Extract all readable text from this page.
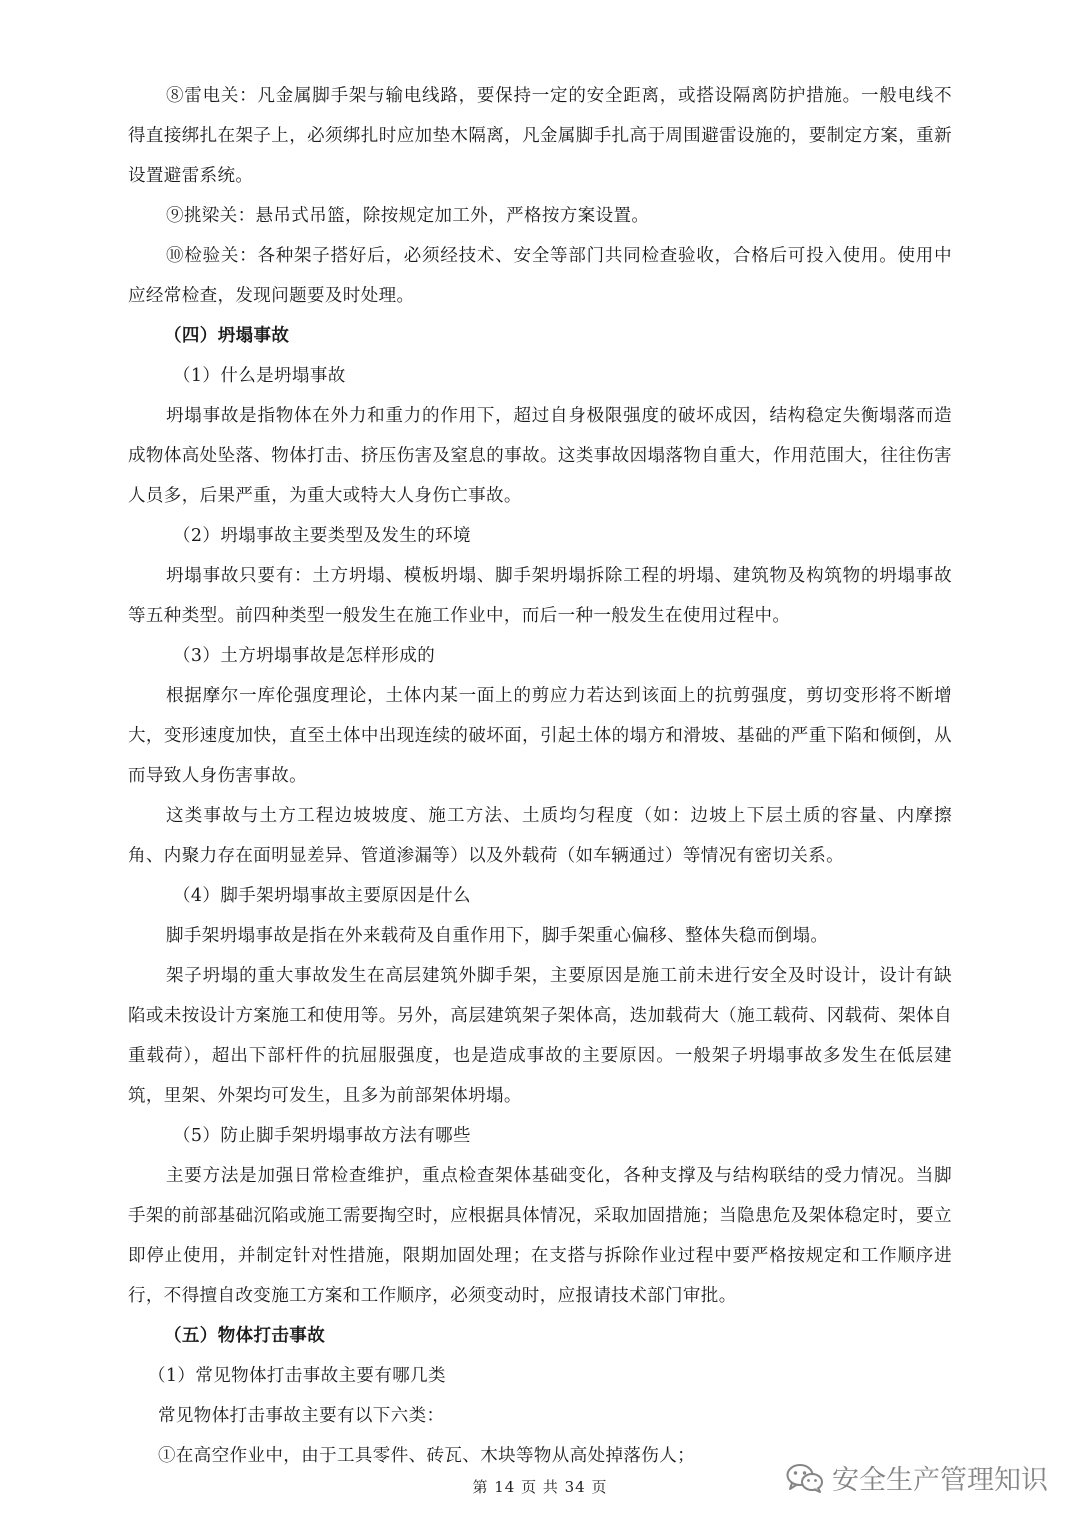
⑧雷电关：凡金属脚手架与输电线路，要保持一定的安全距离，或搭设隔离防护措施。一般电线不得直接绑扎在架子上，必须绑扎时应加垫木隔离，凡金属脚手扎高于周围避雷设施的，要制定方案，重新设置避雷系统。

⑨挑梁关：悬吊式吊篮，除按规定加工外，严格按方案设置。

⑩检验关：各种架子搭好后，必须经技术、安全等部门共同检查验收，合格后可投入使用。使用中应经常检查，发现问题要及时处理。

（四）坍塌事故

（1）什么是坍塌事故

坍塌事故是指物体在外力和重力的作用下，超过自身极限强度的破坏成因，结构稳定失衡塌落而造成物体高处坠落、物体打击、挤压伤害及窒息的事故。这类事故因塌落物自重大，作用范围大，往往伤害人员多，后果严重，为重大或特大人身伤亡事故。

（2）坍塌事故主要类型及发生的环境

坍塌事故只要有：土方坍塌、模板坍塌、脚手架坍塌拆除工程的坍塌、建筑物及构筑物的坍塌事故等五种类型。前四种类型一般发生在施工作业中，而后一种一般发生在使用过程中。

（3）土方坍塌事故是怎样形成的

根据摩尔一库伦强度理论，土体内某一面上的剪应力若达到该面上的抗剪强度，剪切变形将不断增大，变形速度加快，直至土体中出现连续的破坏面，引起土体的塌方和滑坡、基础的严重下陷和倾倒，从而导致人身伤害事故。

这类事故与土方工程边坡坡度、施工方法、土质均匀程度（如：边坡上下层土质的容量、内摩擦角、内聚力存在面明显差异、管道渗漏等）以及外载荷（如车辆通过）等情况有密切关系。

（4）脚手架坍塌事故主要原因是什么

脚手架坍塌事故是指在外来载荷及自重作用下，脚手架重心偏移、整体失稳而倒塌。

架子坍塌的重大事故发生在高层建筑外脚手架，主要原因是施工前未进行安全及时设计，设计有缺陷或未按设计方案施工和使用等。另外，高层建筑架子架体高，迭加载荷大（施工载荷、冈载荷、架体自重载荷），超出下部杆件的抗屈服强度，也是造成事故的主要原因。一般架子坍塌事故多发生在低层建筑，里架、外架均可发生，且多为前部架体坍塌。

（5）防止脚手架坍塌事故方法有哪些

主要方法是加强日常检查维护，重点检查架体基础变化，各种支撑及与结构联结的受力情况。当脚手架的前部基础沉陷或施工需要掏空时，应根据具体情况，采取加固措施；当隐患危及架体稳定时，要立即停止使用，并制定针对性措施，限期加固处理；在支搭与拆除作业过程中要严格按规定和工作顺序进行，不得擅自改变施工方案和工作顺序，必须变动时，应报请技术部门审批。

（五）物体打击事故

（1）常见物体打击事故主要有哪几类

常见物体打击事故主要有以下六类：

①在高空作业中，由于工具零件、砖瓦、木块等物从高处掉落伤人；

第 14 页 共 34 页	安全生产管理知识
